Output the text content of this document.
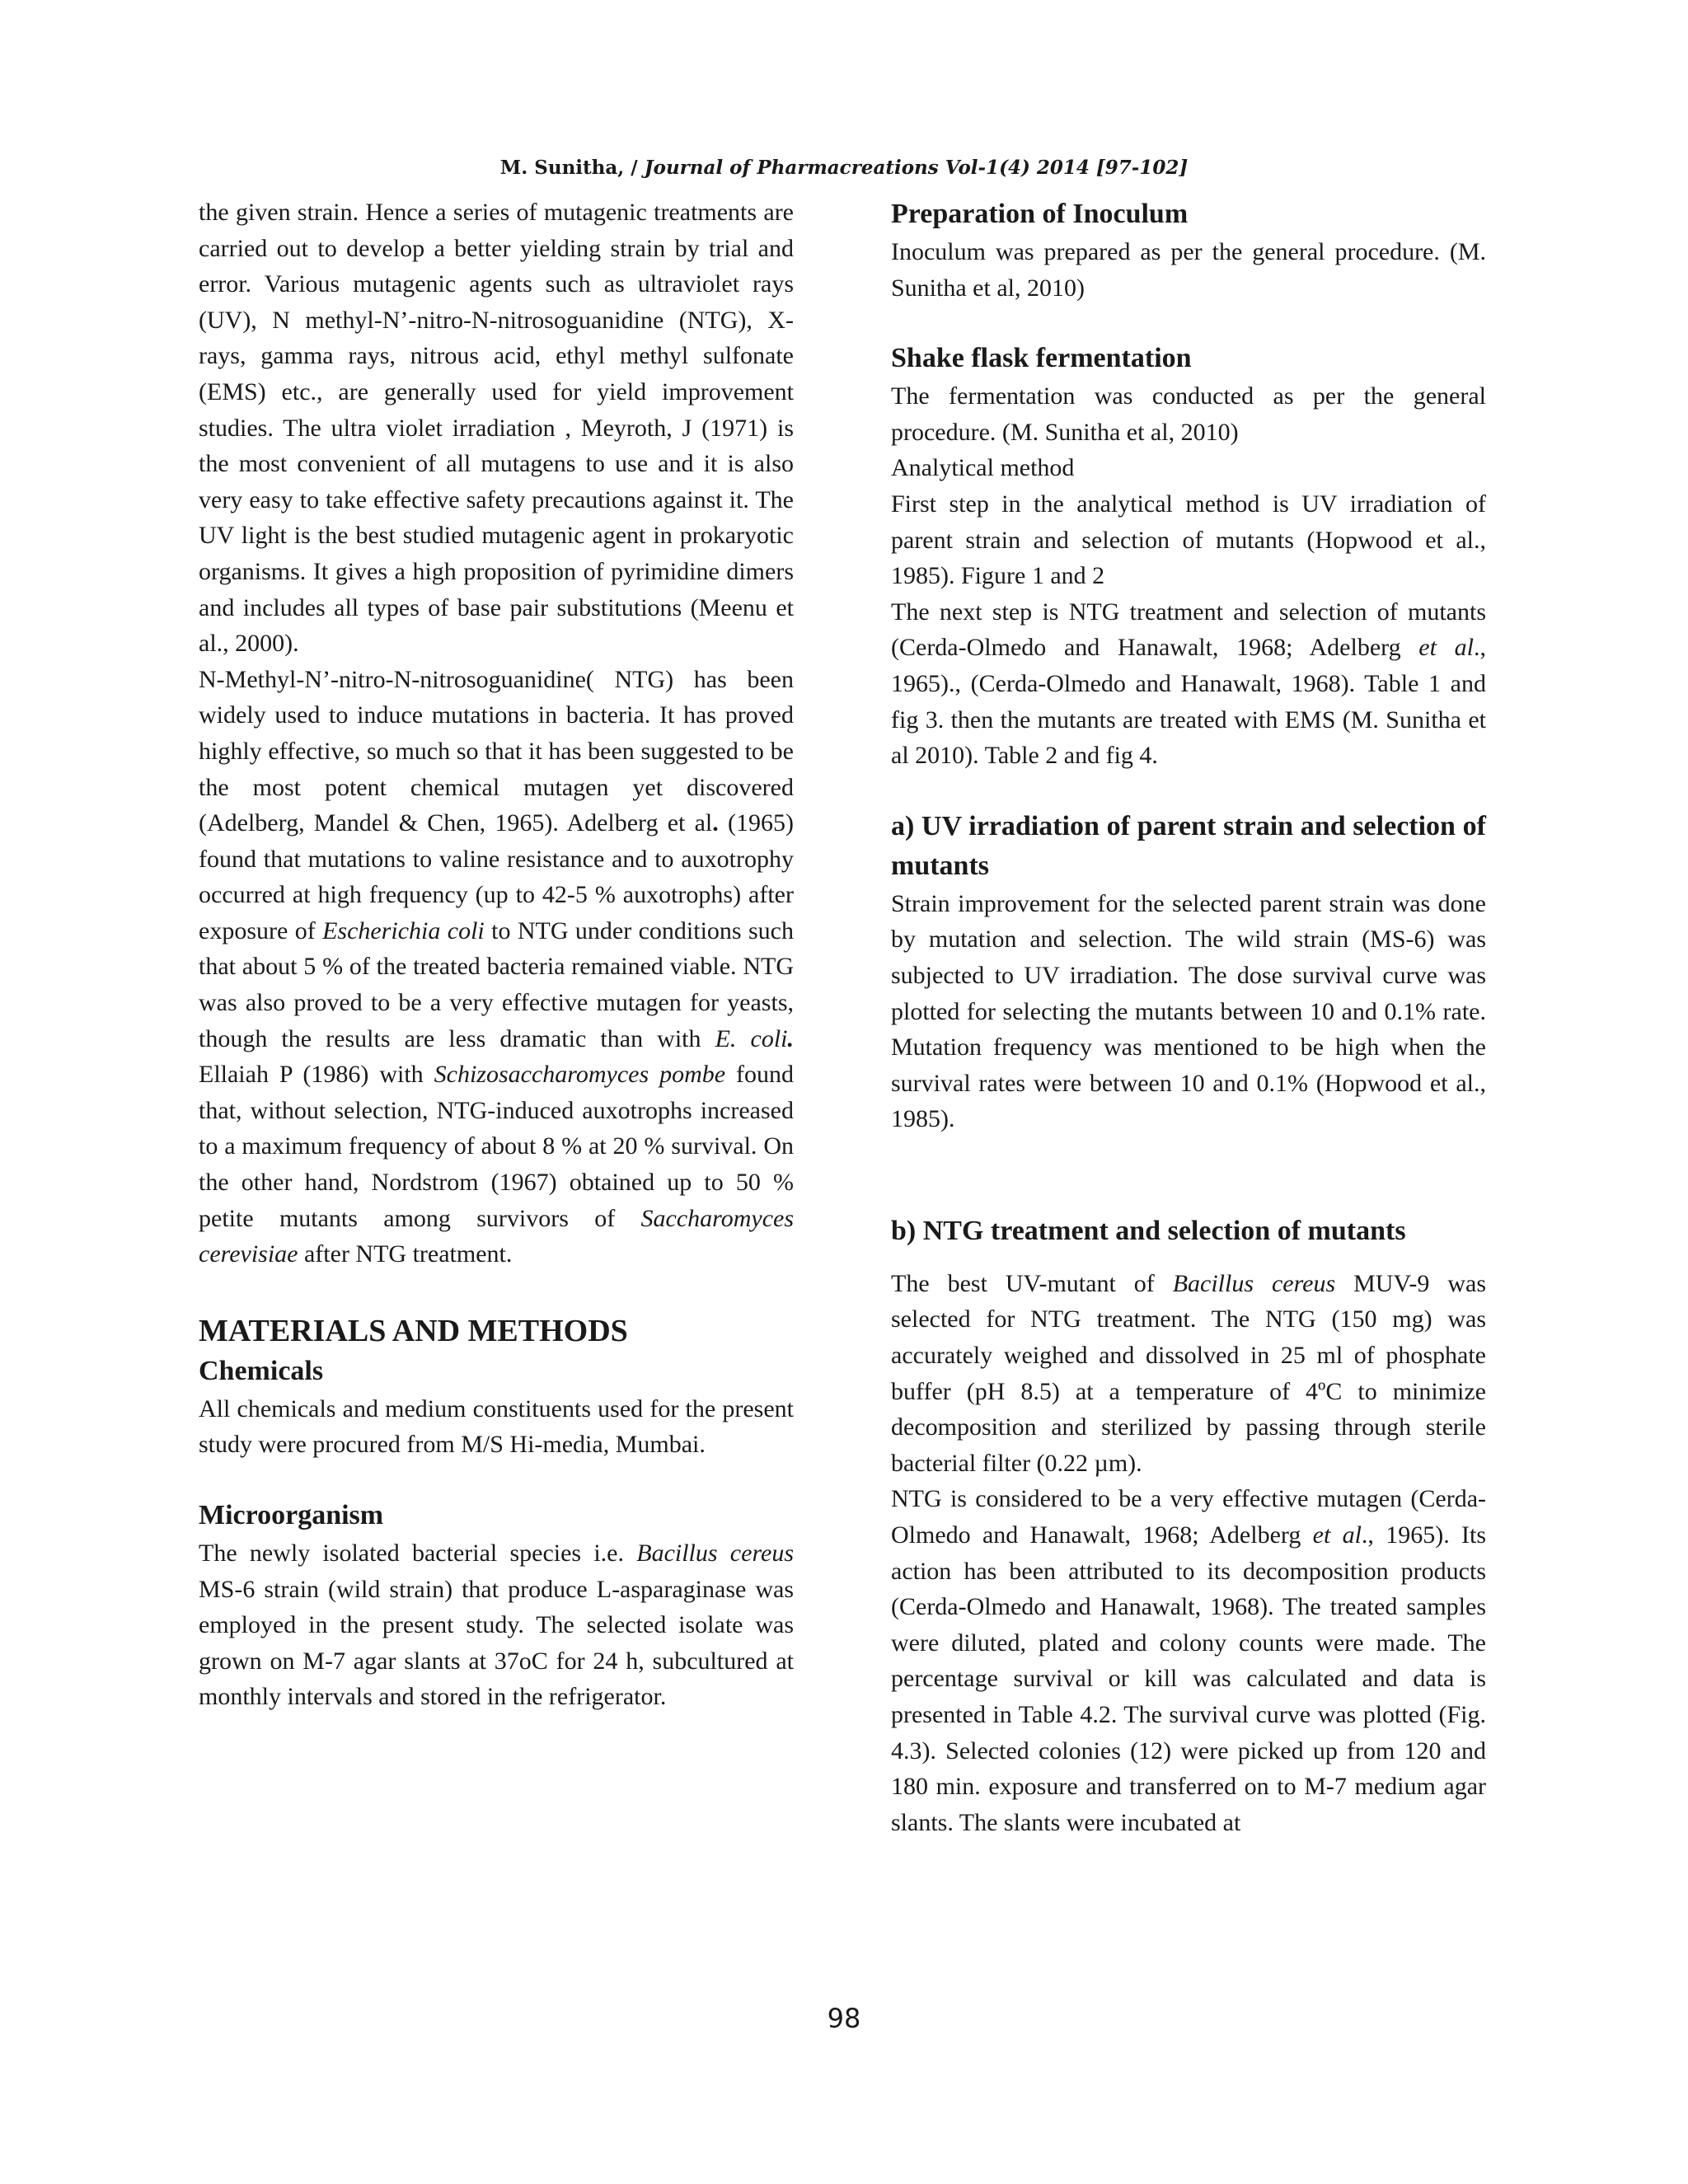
M. Sunitha, / Journal of Pharmacreations Vol-1(4) 2014 [97-102]

the given strain. Hence a series of mutagenic treatments are carried out to develop a better yielding strain by trial and error. Various mutagenic agents such as ultraviolet rays (UV), N methyl-N’-nitro-N-nitrosoguanidine (NTG), X-rays, gamma rays, nitrous acid, ethyl methyl sulfonate (EMS) etc., are generally used for yield improvement studies. The ultra violet irradiation , Meyroth, J (1971) is the most convenient of all mutagens to use and it is also very easy to take effective safety precautions against it. The UV light is the best studied mutagenic agent in prokaryotic organisms. It gives a high proposition of pyrimidine dimers and includes all types of base pair substitutions (Meenu et al., 2000).

N-Methyl-N’-nitro-N-nitrosoguanidine( NTG) has been widely used to induce mutations in bacteria. It has proved highly effective, so much so that it has been suggested to be the most potent chemical mutagen yet discovered (Adelberg, Mandel & Chen, 1965). Adelberg et al. (1965) found that mutations to valine resistance and to auxotrophy occurred at high frequency (up to 42-5 % auxotrophs) after exposure of Escherichia coli to NTG under conditions such that about 5 % of the treated bacteria remained viable. NTG was also proved to be a very effective mutagen for yeasts, though the results are less dramatic than with E. coli. Ellaiah P (1986) with Schizosaccharomyces pombe found that, without selection, NTG-induced auxotrophs increased to a maximum frequency of about 8 % at 20 % survival. On the other hand, Nordstrom (1967) obtained up to 50 % petite mutants among survivors of Saccharomyces cerevisiae after NTG treatment.

MATERIALS AND METHODS
Chemicals

All chemicals and medium constituents used for the present study were procured from M/S Hi-media, Mumbai.

Microorganism

The newly isolated bacterial species i.e. Bacillus cereus MS-6 strain (wild strain) that produce L-asparaginase was employed in the present study. The selected isolate was grown on M-7 agar slants at 37oC for 24 h, subcultured at monthly intervals and stored in the refrigerator.

Preparation of Inoculum

Inoculum was prepared as per the general procedure. (M. Sunitha et al, 2010)

Shake flask fermentation

The fermentation was conducted as per the general procedure. (M. Sunitha et al, 2010)

Analytical method

First step in the analytical method is UV irradiation of parent strain and selection of mutants (Hopwood et al., 1985). Figure 1 and 2

The next step is NTG treatment and selection of mutants (Cerda-Olmedo and Hanawalt, 1968; Adelberg et al., 1965)., (Cerda-Olmedo and Hanawalt, 1968). Table 1 and fig 3. then the mutants are treated with EMS (M. Sunitha et al 2010). Table 2 and fig 4.

a) UV irradiation of parent strain and selection of mutants

Strain improvement for the selected parent strain was done by mutation and selection. The wild strain (MS-6) was subjected to UV irradiation. The dose survival curve was plotted for selecting the mutants between 10 and 0.1% rate. Mutation frequency was mentioned to be high when the survival rates were between 10 and 0.1% (Hopwood et al., 1985).

b) NTG treatment and selection of mutants

The best UV-mutant of Bacillus cereus MUV-9 was selected for NTG treatment. The NTG (150 mg) was accurately weighed and dissolved in 25 ml of phosphate buffer (pH 8.5) at a temperature of 4ºC to minimize decomposition and sterilized by passing through sterile bacterial filter (0.22 µm).

NTG is considered to be a very effective mutagen (Cerda-Olmedo and Hanawalt, 1968; Adelberg et al., 1965). Its action has been attributed to its decomposition products (Cerda-Olmedo and Hanawalt, 1968). The treated samples were diluted, plated and colony counts were made. The percentage survival or kill was calculated and data is presented in Table 4.2. The survival curve was plotted (Fig. 4.3). Selected colonies (12) were picked up from 120 and 180 min. exposure and transferred on to M-7 medium agar slants. The slants were incubated at

98
